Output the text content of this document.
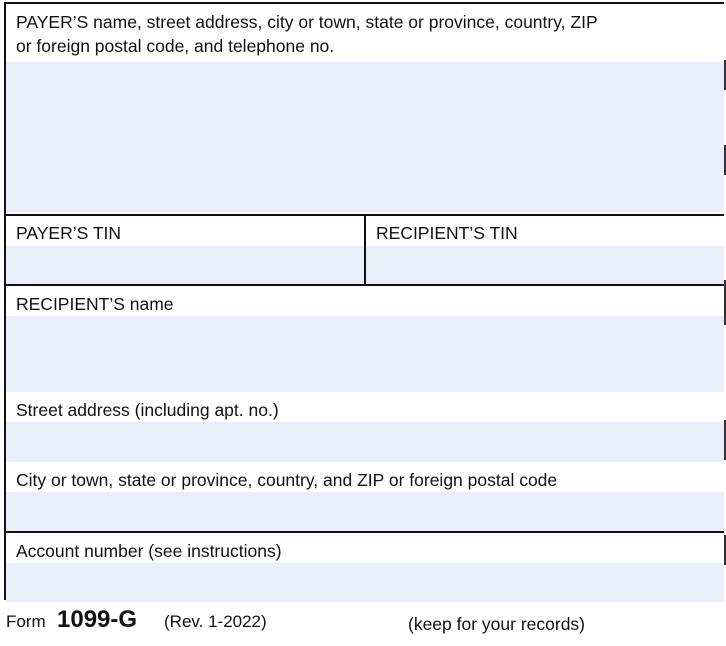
PAYER’S name, street address, city or town, state or province, country, ZIP
or foreign postal code, and telephone no.
PAYER’S TIN	RECIPIENT’S TIN
RECIPIENT’S name
Street address (including apt. no.)
City or town, state or province, country, and ZIP or foreign postal code
Account number (see instructions)
Form 1099-G (Rev. 1-2022)	(keep for your records)
